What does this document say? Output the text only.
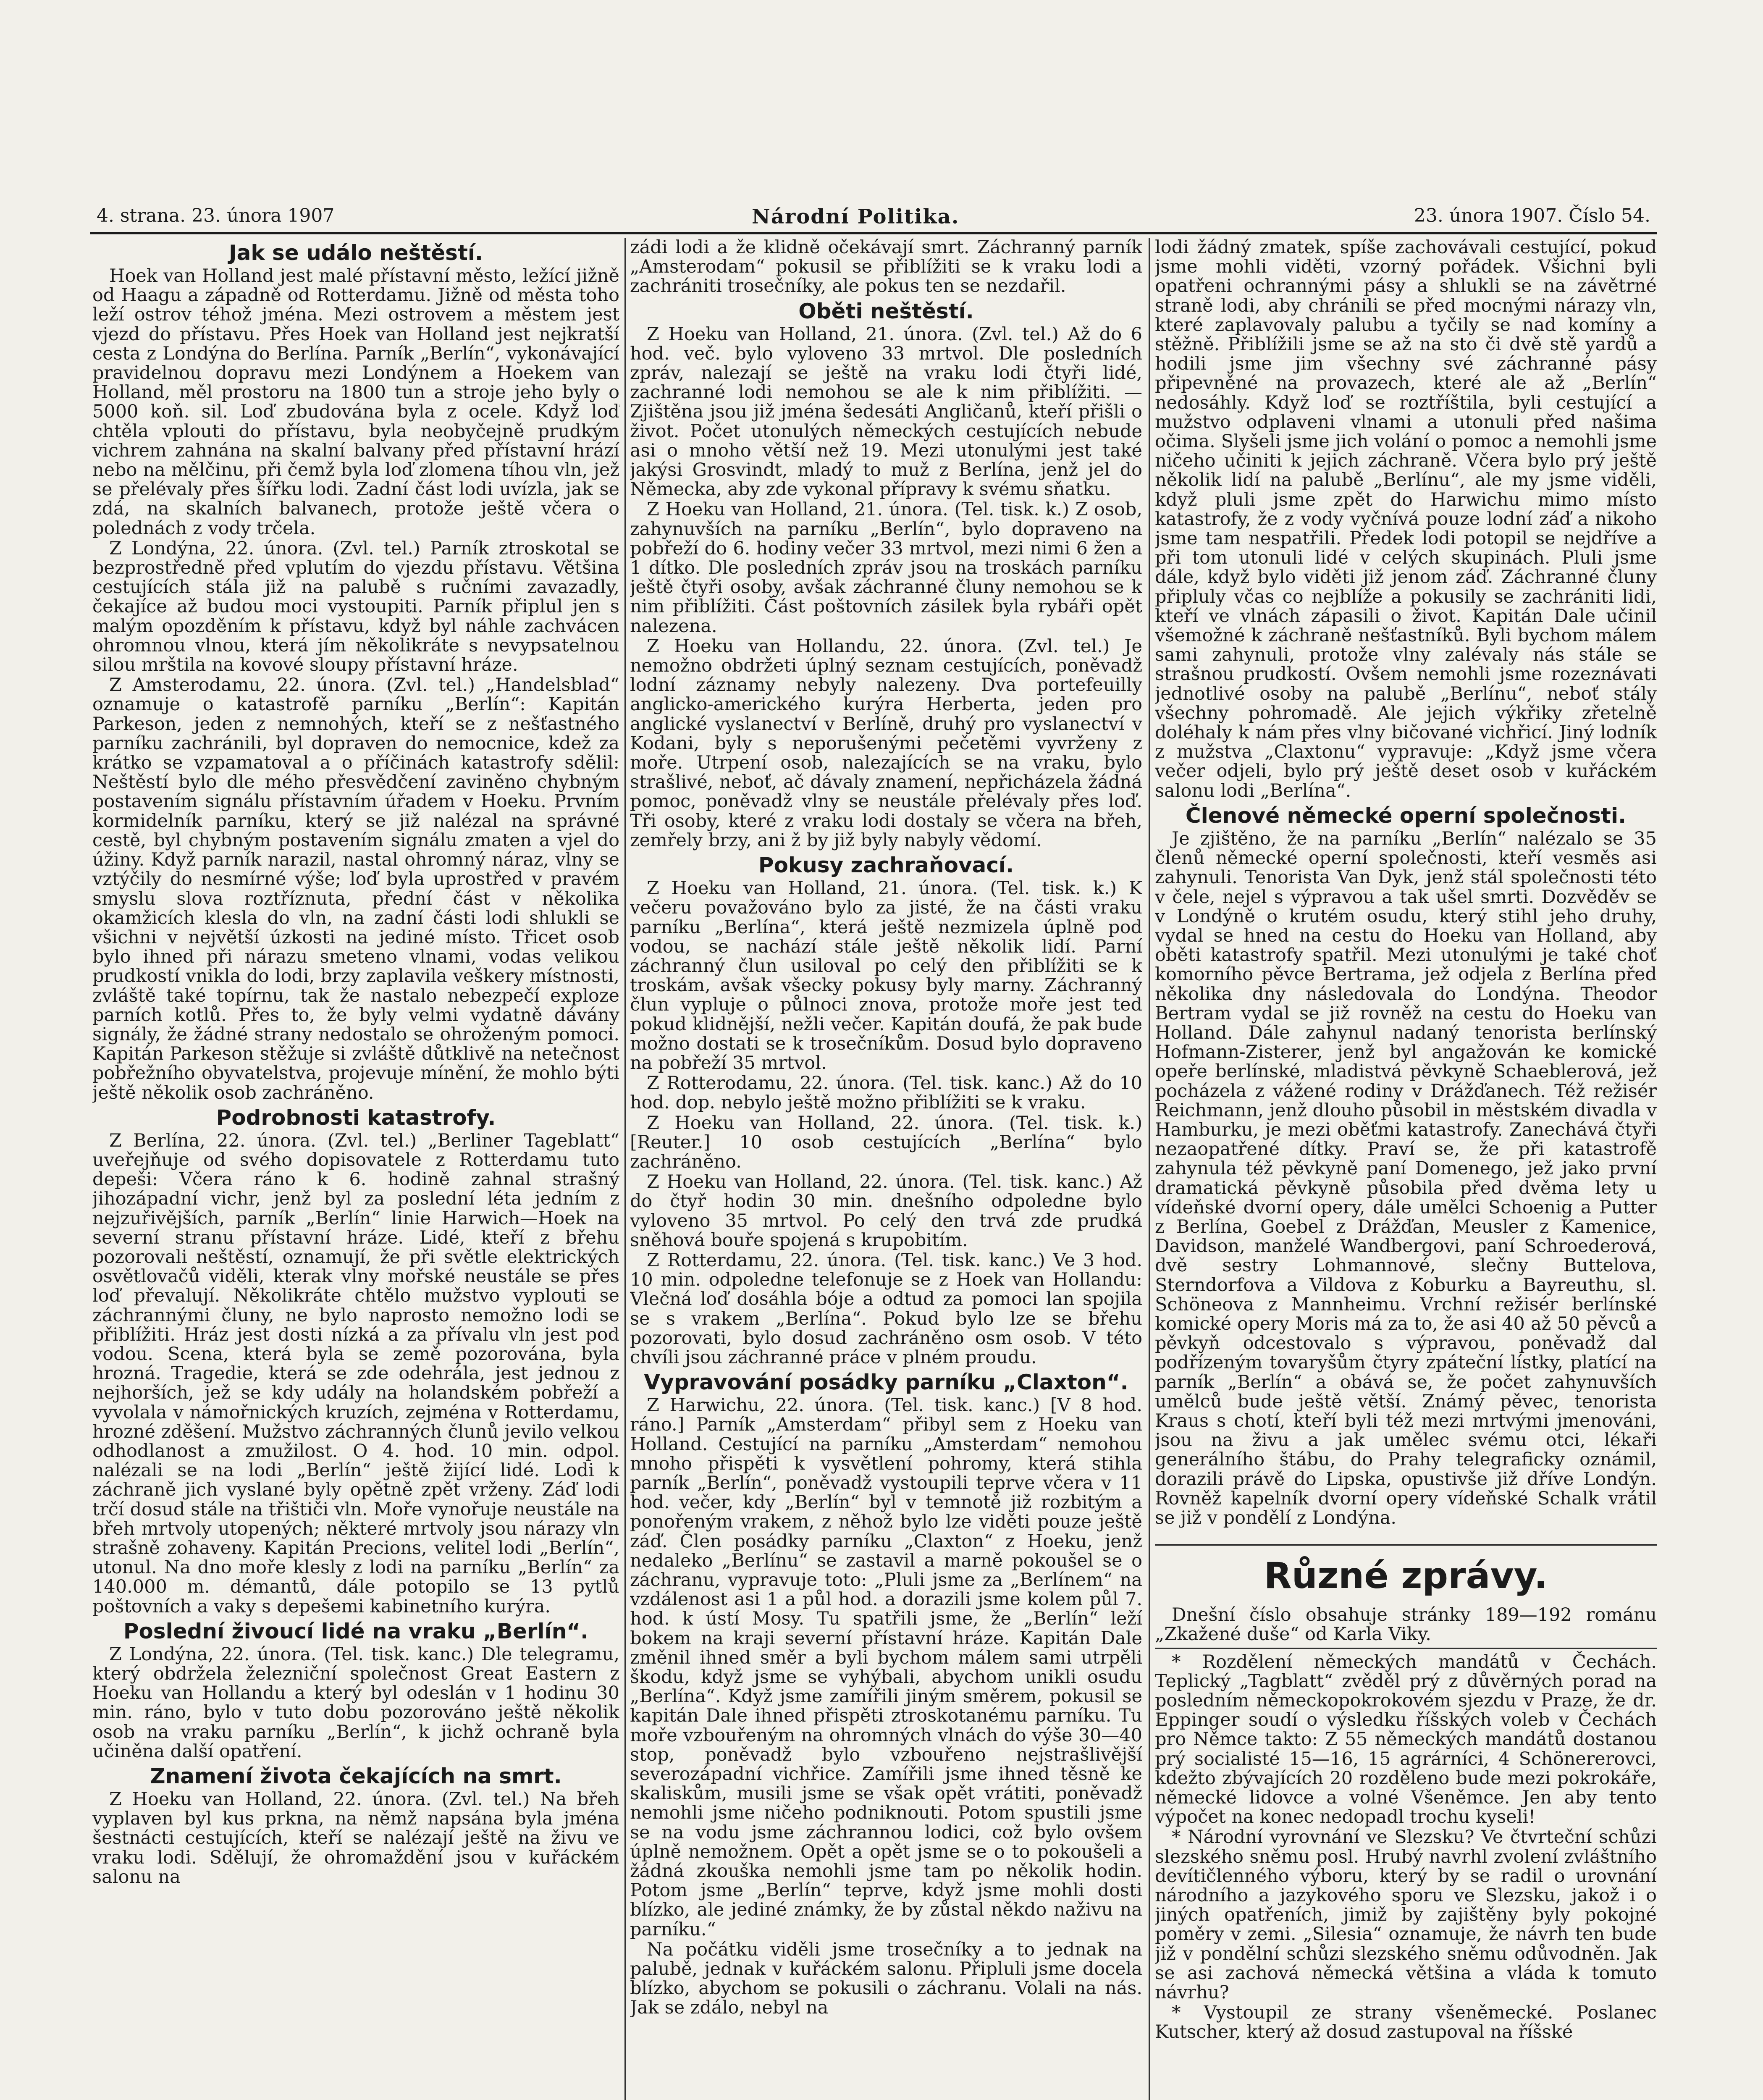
4. strana. 23. února 1907	Národní Politika.	23. února 1907. Číslo 54.
Jak se událo neštěstí.

Hoek van Holland jest malé přístavní město, ležící jižně od Haagu a západně od Rotterdamu. Jižně od města toho leží ostrov téhož jména. Mezi ostrovem a městem jest vjezd do přístavu. Přes Hoek van Holland jest nejkratší cesta z Londýna do Berlína. Parník „Berlín“, vykonávající pravidelnou dopravu mezi Londýnem a Hoekem van Holland, měl prostoru na 1800 tun a stroje jeho byly o 5000 koň. sil. Loď zbudována byla z ocele. Když loď chtěla vplouti do přístavu, byla neobyčejně prudkým vichrem zahnána na skalní balvany před přístavní hrází nebo na mělčinu, při čemž byla loď zlomena tíhou vln, jež se přelévaly přes šířku lodi. Zadní část lodi uvízla, jak se zdá, na skalních balvanech, protože ještě včera o polednách z vody trčela.

Z Londýna, 22. února. (Zvl. tel.) Parník ztroskotal se bezprostředně před vplutím do vjezdu přístavu. Většina cestujících stála již na palubě s ručními zavazadly, čekajíce až budou moci vystoupiti. Parník připlul jen s malým opozděním k přístavu, když byl náhle zachvácen ohromnou vlnou, která jím několikráte s nevypsatelnou silou mrštila na kovové sloupy přístavní hráze.

Z Amsterodamu, 22. února. (Zvl. tel.) „Handelsblad“ oznamuje o katastrofě parníku „Berlín“: Kapitán Parkeson, jeden z nemnohých, kteří se z nešťastného parníku zachránili, byl dopraven do nemocnice, kdež za krátko se vzpamatoval a o příčinách katastrofy sdělil: Neštěstí bylo dle mého přesvědčení zaviněno chybným postavením signálu přístavním úřadem v Hoeku. Prvním kormidelník parníku, který se již nalézal na správné cestě, byl chybným postavením signálu zmaten a vjel do úžiny. Když parník narazil, nastal ohromný náraz, vlny se vztýčily do nesmírné výše; loď byla uprostřed v pravém smyslu slova roztříznuta, přední část v několika okamžicích klesla do vln, na zadní části lodi shlukli se všichni v největší úzkosti na jediné místo. Třicet osob bylo ihned při nárazu smeteno vlnami, vodas velikou prudkostí vnikla do lodi, brzy zaplavila veškery místnosti, zvláště také topírnu, tak že nastalo nebezpečí exploze parních kotlů. Přes to, že byly velmi vydatně dávány signály, že žádné strany nedostalo se ohroženým pomoci. Kapitán Parkeson stěžuje si zvláště důtklivě na netečnost pobřežního obyvatelstva, projevuje mínění, že mohlo býti ještě několik osob zachráněno.

Podrobnosti katastrofy.

Z Berlína, 22. února. (Zvl. tel.) „Berliner Tageblatt“ uveřejňuje od svého dopisovatele z Rotterdamu tuto depeši: Včera ráno k 6. hodině zahnal strašný jihozápadní vichr, jenž byl za poslední léta jedním z nejzuřivějších, parník „Berlín“ linie Harwich—Hoek na severní stranu přístavní hráze. Lidé, kteří z břehu pozorovali neštěstí, oznamují, že při světle elektrických osvětlovačů viděli, kterak vlny mořské neustále se přes loď převalují. Několikráte chtělo mužstvo vyplouti se záchrannými čluny, ne bylo naprosto nemožno lodi se přiblížiti. Hráz jest dosti nízká a za přívalu vln jest pod vodou. Scena, která byla se země pozorována, byla hrozná. Tragedie, která se zde odehrála, jest jednou z nejhorších, jež se kdy udály na holandském pobřeží a vyvolala v námořnických kruzích, zejména v Rotterdamu, hrozné zděšení. Mužstvo záchranných člunů jevilo velkou odhodlanost a zmužilost. O 4. hod. 10 min. odpol. nalézali se na lodi „Berlín“ ještě žijící lidé. Lodi k záchraně jich vyslané byly opětně zpět vrženy. Záď lodi trčí dosud stále na třištiči vln. Moře vynořuje neustále na břeh mrtvoly utopených; některé mrtvoly jsou nárazy vln strašně zohaveny. Kapitán Precions, velitel lodi „Berlín“, utonul. Na dno moře klesly z lodi na parníku „Berlín“ za 140.000 m. démantů, dále potopilo se 13 pytlů poštovních a vaky s depešemi kabinetního kurýra.

Poslední živoucí lidé na vraku „Berlín“.

Z Londýna, 22. února. (Tel. tisk. kanc.) Dle telegramu, který obdržela železniční společnost Great Eastern z Hoeku van Hollandu a který byl odeslán v 1 hodinu 30 min. ráno, bylo v tuto dobu pozorováno ještě několik osob na vraku parníku „Berlín“, k jichž ochraně byla učiněna další opatření.

Znamení života čekajících na smrt.

Z Hoeku van Holland, 22. února. (Zvl. tel.) Na břeh vyplaven byl kus prkna, na němž napsána byla jména šestnácti cestujících, kteří se nalézají ještě na živu ve vraku lodi. Sdělují, že ohromaždění jsou v kuřáckém salonu na

zádi lodi a že klidně očekávají smrt. Záchranný parník „Amsterodam“ pokusil se přiblížiti se k vraku lodi a zachrániti trosečníky, ale pokus ten se nezdařil.

Oběti neštěstí.

Z Hoeku van Holland, 21. února. (Zvl. tel.) Až do 6 hod. več. bylo vyloveno 33 mrtvol. Dle posledních zpráv, nalezají se ještě na vraku lodi čtyři lidé, zachranné lodi nemohou se ale k nim přiblížiti. — Zjištěna jsou již jména šedesáti Angličanů, kteří přišli o život. Počet utonulých německých cestujících nebude asi o mnoho větší než 19. Mezi utonulými jest také jakýsi Grosvindt, mladý to muž z Berlína, jenž jel do Německa, aby zde vykonal přípravy k svému sňatku.

Z Hoeku van Holland, 21. února. (Tel. tisk. k.) Z osob, zahynuvších na parníku „Berlín“, bylo dopraveno na pobřeží do 6. hodiny večer 33 mrtvol, mezi nimi 6 žen a 1 dítko. Dle posledních zpráv jsou na troskách parníku ještě čtyři osoby, avšak záchranné čluny nemohou se k nim přiblížiti. Část poštovních zásilek byla rybáři opět nalezena.

Z Hoeku van Hollandu, 22. února. (Zvl. tel.) Je nemožno obdržeti úplný seznam cestujících, poněvadž lodní záznamy nebyly nalezeny. Dva portefeuilly anglicko-amerického kurýra Herberta, jeden pro anglické vyslanectví v Berlíně, druhý pro vyslanectví v Kodani, byly s neporušenými pečetěmi vyvrženy z moře. Utrpení osob, nalezajících se na vraku, bylo strašlivé, neboť, ač dávaly znamení, nepřicházela žádná pomoc, poněvadž vlny se neustále přelévaly přes loď. Tři osoby, které z vraku lodi dostaly se včera na břeh, zemřely brzy, ani ž by již byly nabyly vědomí.

Pokusy zachraňovací.

Z Hoeku van Holland, 21. února. (Tel. tisk. k.) K večeru považováno bylo za jisté, že na části vraku parníku „Berlína“, která ještě nezmizela úplně pod vodou, se nachází stále ještě několik lidí. Parní záchranný člun usiloval po celý den přiblížiti se k troskám, avšak všecky pokusy byly marny. Záchranný člun vypluje o půlnoci znova, protože moře jest teď pokud klidnější, nežli večer. Kapitán doufá, že pak bude možno dostati se k trosečníkům. Dosud bylo dopraveno na pobřeží 35 mrtvol.

Z Rotterodamu, 22. února. (Tel. tisk. kanc.) Až do 10 hod. dop. nebylo ještě možno přiblížiti se k vraku.

Z Hoeku van Holland, 22. února. (Tel. tisk. k.) [Reuter.] 10 osob cestujících „Berlína“ bylo zachráněno.

Z Hoeku van Holland, 22. února. (Tel. tisk. kanc.) Až do čtyř hodin 30 min. dnešního odpoledne bylo vyloveno 35 mrtvol. Po celý den trvá zde prudká sněhová bouře spojená s krupobitím.

Z Rotterdamu, 22. února. (Tel. tisk. kanc.) Ve 3 hod. 10 min. odpoledne telefonuje se z Hoek van Hollandu: Vlečná loď dosáhla bóje a odtud za pomoci lan spojila se s vrakem „Berlína“. Pokud bylo lze se břehu pozorovati, bylo dosud zachráněno osm osob. V této chvíli jsou záchranné práce v plném proudu.

Vypravování posádky parníku „Claxton“.

Z Harwichu, 22. února. (Tel. tisk. kanc.) [V 8 hod. ráno.] Parník „Amsterdam“ přibyl sem z Hoeku van Holland. Cestující na parníku „Amsterdam“ nemohou mnoho přispěti k vysvětlení pohromy, která stihla parník „Berlín“, poněvadž vystoupili teprve včera v 11 hod. večer, kdy „Berlín“ byl v temnotě již rozbitým a ponořeným vrakem, z něhož bylo lze viděti pouze ještě záď. Člen posádky parníku „Claxton“ z Hoeku, jenž nedaleko „Berlínu“ se zastavil a marně pokoušel se o záchranu, vypravuje toto: „Pluli jsme za „Berlínem“ na vzdálenost asi 1 a půl hod. a dorazili jsme kolem půl 7. hod. k ústí Mosy. Tu spatřili jsme, že „Berlín“ leží bokem na kraji severní přístavní hráze. Kapitán Dale změnil ihned směr a byli bychom málem sami utrpěli škodu, když jsme se vyhýbali, abychom unikli osudu „Berlína“. Když jsme zamířili jiným směrem, pokusil se kapitán Dale ihned přispěti ztroskotanému parníku. Tu moře vzbouřeným na ohromných vlnách do výše 30—40 stop, poněvadž bylo vzbouřeno nejstrašlivější severozápadní vichřice. Zamířili jsme ihned těsně ke skaliskům, musili jsme se však opět vrátiti, poněvadž nemohli jsme ničeho podniknouti. Potom spustili jsme se na vodu jsme záchrannou lodici, což bylo ovšem úplně nemožnem. Opět a opět jsme se o to pokoušeli a žádná zkouška nemohli jsme tam po několik hodin. Potom jsme „Berlín“ teprve, když jsme mohli dosti blízko, ale jediné známky, že by zůstal někdo naživu na parníku.“

Na počátku viděli jsme trosečníky a to jednak na palubě, jednak v kuřáckém salonu. Připluli jsme docela blízko, abychom se pokusili o záchranu. Volali na nás. Jak se zdálo, nebyl na

lodi žádný zmatek, spíše zachovávali cestující, pokud jsme mohli viděti, vzorný pořádek. Všichni byli opatřeni ochrannými pásy a shlukli se na závětrné straně lodi, aby chránili se před mocnými nárazy vln, které zaplavovaly palubu a tyčily se nad komíny a stěžně. Přiblížili jsme se až na sto či dvě stě yardů a hodili jsme jim všechny své záchranné pásy připevněné na provazech, které ale až „Berlín“ nedosáhly. Když loď se roztříštila, byli cestující a mužstvo odplaveni vlnami a utonuli před našima očima. Slyšeli jsme jich volání o pomoc a nemohli jsme ničeho učiniti k jejich záchraně. Včera bylo prý ještě několik lidí na palubě „Berlínu“, ale my jsme viděli, když pluli jsme zpět do Harwichu mimo místo katastrofy, že z vody vyčnívá pouze lodní záď a nikoho jsme tam nespatřili. Předek lodi potopil se nejdříve a při tom utonuli lidé v celých skupinách. Pluli jsme dále, když bylo viděti již jenom záď. Záchranné čluny připluly včas co nejblíže a pokusily se zachrániti lidi, kteří ve vlnách zápasili o život. Kapitán Dale učinil všemožné k záchraně nešťastníků. Byli bychom málem sami zahynuli, protože vlny zalévaly nás stále se strašnou prudkostí. Ovšem nemohli jsme rozeznávati jednotlivé osoby na palubě „Berlínu“, neboť stály všechny pohromadě. Ale jejich výkřiky zřetelně doléhaly k nám přes vlny bičované vichřicí. Jiný lodník z mužstva „Claxtonu“ vypravuje: „Když jsme včera večer odjeli, bylo prý ještě deset osob v kuřáckém salonu lodi „Berlína“.

Členové německé operní společnosti.

Je zjištěno, že na parníku „Berlín“ nalézalo se 35 členů německé operní společnosti, kteří vesměs asi zahynuli. Tenorista Van Dyk, jenž stál společnosti této v čele, nejel s výpravou a tak ušel smrti. Dozvěděv se v Londýně o krutém osudu, který stihl jeho druhy, vydal se hned na cestu do Hoeku van Holland, aby oběti katastrofy spatřil. Mezi utonulými je také choť komorního pěvce Bertrama, jež odjela z Berlína před několika dny následovala do Londýna. Theodor Bertram vydal se již rovněž na cestu do Hoeku van Holland. Dále zahynul nadaný tenorista berlínský Hofmann-Zisterer, jenž byl angažován ke komické opeře berlínské, mladistvá pěvkyně Schaeblerová, jež pocházela z vážené rodiny v Drážďanech. Též režisér Reichmann, jenž dlouho působil in městském divadla v Hamburku, je mezi oběťmi katastrofy. Zanechává čtyři nezaopatřené dítky. Praví se, že při katastrofě zahynula též pěvkyně paní Domenego, jež jako první dramatická pěvkyně působila před dvěma lety u vídeňské dvorní opery, dále umělci Schoenig a Putter z Berlína, Goebel z Drážďan, Meusler z Kamenice, Davidson, manželé Wandbergovi, paní Schroederová, dvě sestry Lohmannové, slečny Buttelova, Sterndorfova a Vildova z Koburku a Bayreuthu, sl. Schöneova z Mannheimu. Vrchní režisér berlínské komické opery Moris má za to, že asi 40 až 50 pěvců a pěvkyň odcestovalo s výpravou, poněvadž dal podřízeným tovaryšům čtyry zpáteční lístky, platící na parník „Berlín“ a obává se, že počet zahynuvších umělců bude ještě větší. Známý pěvec, tenorista Kraus s chotí, kteří byli též mezi mrtvými jmenováni, jsou na živu a jak umělec svému otci, lékaři generálního štábu, do Prahy telegraficky oznámil, dorazili právě do Lipska, opustivše již dříve Londýn. Rovněž kapelník dvorní opery vídeňské Schalk vrátil se již v pondělí z Londýna.

Různé zprávy.

Dnešní číslo obsahuje stránky 189—192 románu „Zkažené duše“ od Karla Viky.

* Rozdělení německých mandátů v Čechách. Teplický „Tagblatt“ zvěděl prý z důvěrných porad na posledním německopokrokovém sjezdu v Praze, že dr. Eppinger soudí o výsledku říšských voleb v Čechách pro Němce takto: Z 55 německých mandátů dostanou prý socialisté 15—16, 15 agrárníci, 4 Schönererovci, kdežto zbývajících 20 rozděleno bude mezi pokrokáře, německé lidovce a volné Všeněmce. Jen aby tento výpočet na konec nedopadl trochu kyseli!

* Národní vyrovnání ve Slezsku? Ve čtvrteční schůzi slezského sněmu posl. Hrubý navrhl zvolení zvláštního devítičlenného výboru, který by se radil o urovnání národního a jazykového sporu ve Slezsku, jakož i o jiných opatřeních, jimiž by zajištěny byly pokojné poměry v zemi. „Silesia“ oznamuje, že návrh ten bude již v pondělní schůzi slezského sněmu odůvodněn. Jak se asi zachová německá většina a vláda k tomuto návrhu?

* Vystoupil ze strany všeněmecké. Poslanec Kutscher, který až dosud zastupoval na říšské
